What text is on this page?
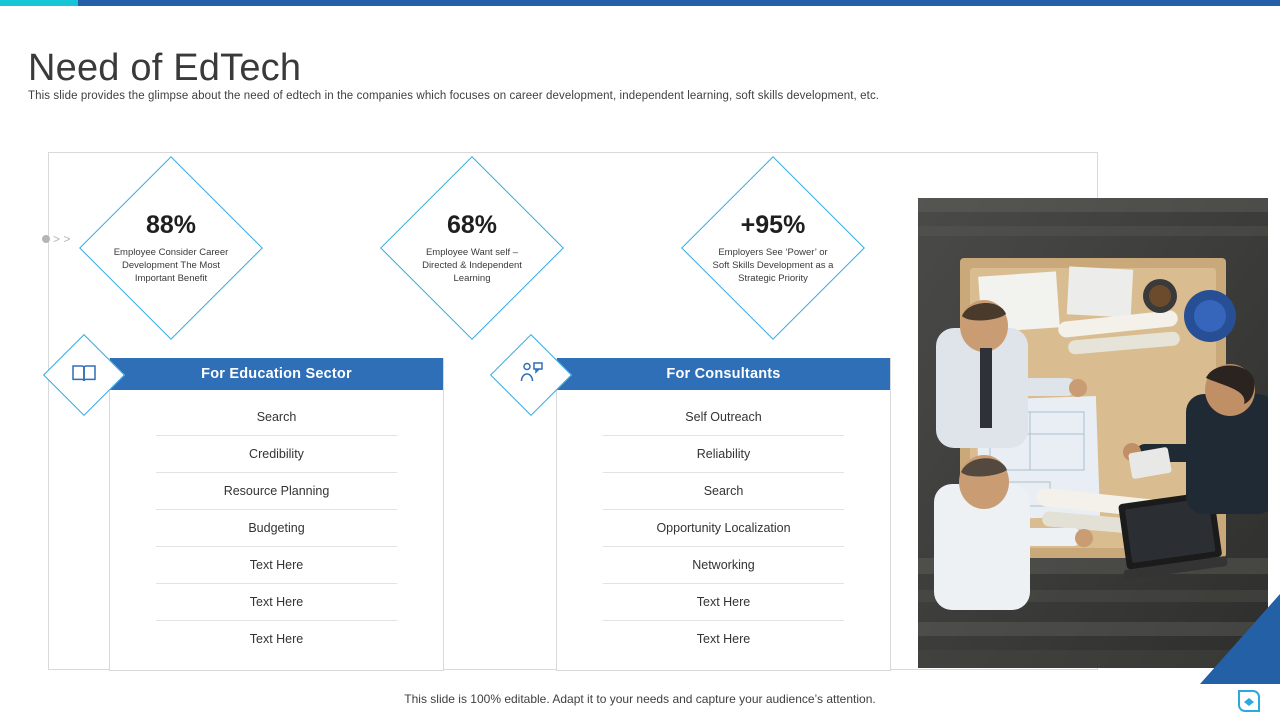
Need of EdTech
This slide provides the glimpse about the need of edtech in the companies which focuses on career development, independent learning, soft skills development, etc.
> >	88%
Employee Consider Career Development The Most Important Benefit
68%
Employee Want self – Directed & Independent Learning
+95%
Employers See ‘Power’ or Soft Skills Development as a Strategic Priority
For Education Sector
Search
Credibility
Resource Planning
Budgeting
Text Here
Text Here
Text Here
For Consultants
Self Outreach
Reliability
Search
Opportunity Localization
Networking
Text Here
Text Here
This slide is 100% editable. Adapt it to your needs and capture your audience’s attention.
